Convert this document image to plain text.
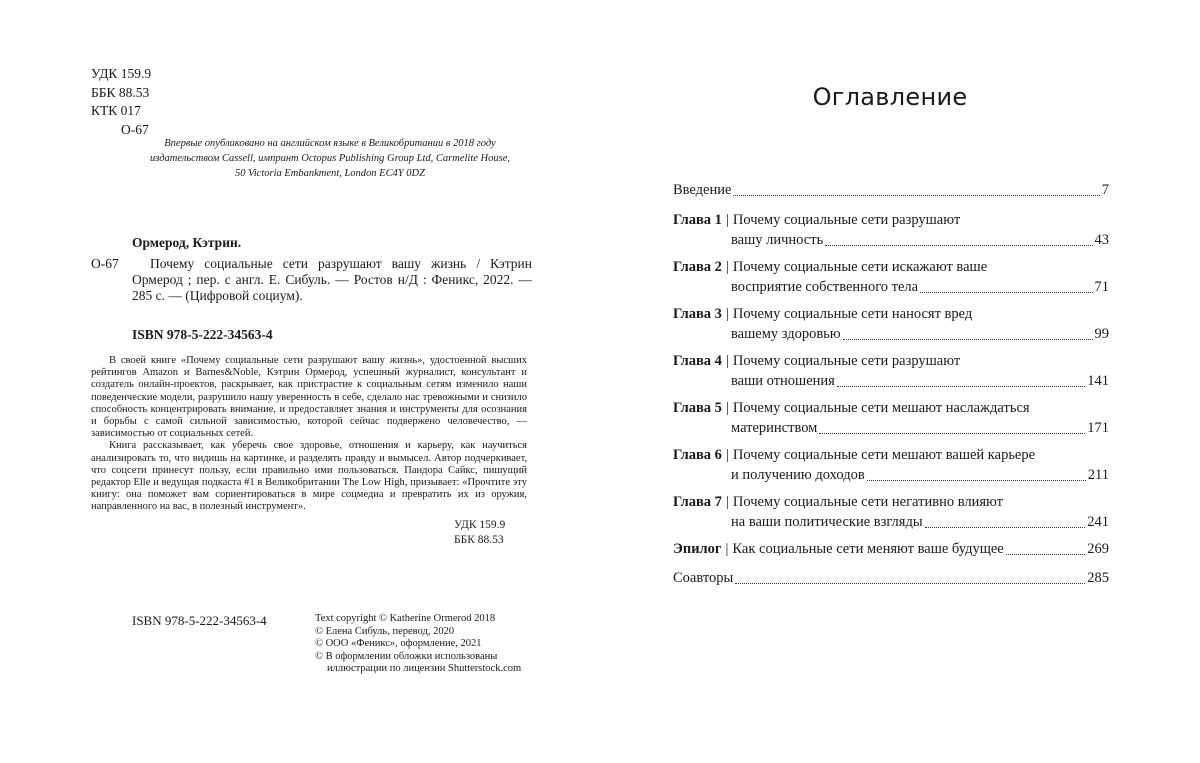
УДК 159.9
ББК 88.53
КТК 017
О-67
Впервые опубликовано на английском языке в Великобритании в 2018 году издательством Cassell, импринт Octopus Publishing Group Ltd, Carmelite House, 50 Victoria Embankment, London EC4Y 0DZ
Ормерод, Кэтрин.
О-67	Почему социальные сети разрушают вашу жизнь / Кэтрин Ормерод ; пер. с англ. Е. Сибуль. — Ростов н/Д : Феникс, 2022. — 285 с. — (Цифровой социум).
ISBN 978-5-222-34563-4

В своей книге «Почему социальные сети разрушают вашу жизнь», удостоенной высших рейтингов Amazon и Barnes&Noble, Кэтрин Ормерод, успешный журналист, консультант и создатель онлайн-проектов, раскрывает, как пристрастие к социальным сетям изменило наши поведенческие модели, разрушило нашу уверенность в себе, сделало нас тревожными и снизило способность концентрировать внимание, и предоставляет знания и инструменты для осознания и борьбы с самой сильной зависимостью, которой сейчас подвержено человечество, — зависимостью от социальных сетей.

Книга рассказывает, как уберечь свое здоровье, отношения и карьеру, как научиться анализировать то, что видишь на картинке, и разделять правду и вымысел. Автор подчеркивает, что соцсети принесут пользу, если правильно ими пользоваться. Пандора Сайкс, пишущий редактор Elle и ведущая подкаста #1 в Великобритании The Low High, призывает: «Прочтите эту книгу: она поможет вам сориентироваться в мире соцмедиа и превратить их из оружия, направленного на вас, в полезный инструмент».

УДК 159.9
ББК 88.53
ISBN 978-5-222-34563-4	Text copyright © Katherine Ormerod 2018
© Елена Сибуль, перевод, 2020
© ООО «Феникс», оформление, 2021
© В оформлении обложки использованы
иллюстрации по лицензии Shutterstock.com
Оглавление
Введение	7
Глава 1 | Почему социальные сети разрушают
вашу личность	43
Глава 2 | Почему социальные сети искажают ваше
восприятие собственного тела	71
Глава 3 | Почему социальные сети наносят вред
вашему здоровью	99
Глава 4 | Почему социальные сети разрушают
ваши отношения	141
Глава 5 | Почему социальные сети мешают наслаждаться
материнством	171
Глава 6 | Почему социальные сети мешают вашей карьере
и получению доходов	211
Глава 7 | Почему социальные сети негативно влияют
на ваши политические взгляды	241
Эпилог | Как социальные сети меняют ваше будущее	269
Соавторы	285
